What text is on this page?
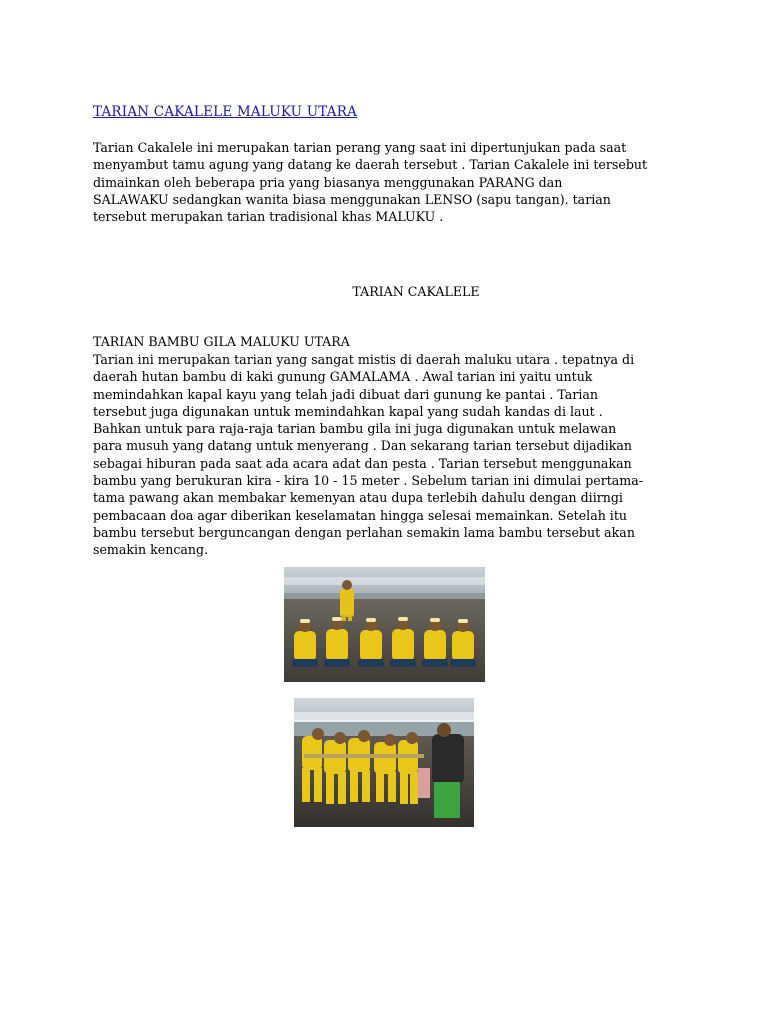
TARIAN CAKALELE MALUKU UTARA

Tarian Cakalele ini merupakan tarian perang yang saat ini dipertunjukan pada saat
menyambut tamu agung yang datang ke daerah tersebut . Tarian Cakalele ini tersebut
dimainkan oleh beberapa pria yang biasanya menggunakan PARANG dan
SALAWAKU sedangkan wanita biasa menggunakan LENSO (sapu tangan). tarian
tersebut merupakan tarian tradisional khas MALUKU .

TARIAN CAKALELE
TARIAN BAMBU GILA MALUKU UTARA

Tarian ini merupakan tarian yang sangat mistis di daerah maluku utara . tepatnya di
daerah hutan bambu di kaki gunung GAMALAMA . Awal tarian ini yaitu untuk
memindahkan kapal kayu yang telah jadi dibuat dari gunung ke pantai . Tarian
tersebut juga digunakan untuk memindahkan kapal yang sudah kandas di laut .
Bahkan untuk para raja-raja tarian bambu gila ini juga digunakan untuk melawan
para musuh yang datang untuk menyerang . Dan sekarang tarian tersebut dijadikan
sebagai hiburan pada saat ada acara adat dan pesta . Tarian tersebut menggunakan
bambu yang berukuran kira - kira 10 - 15 meter . Sebelum tarian ini dimulai pertama-
tama pawang akan membakar kemenyan atau dupa terlebih dahulu dengan diirngi
pembacaan doa agar diberikan keselamatan hingga selesai memainkan. Setelah itu
bambu tersebut berguncangan dengan perlahan semakin lama bambu tersebut akan
semakin kencang.
